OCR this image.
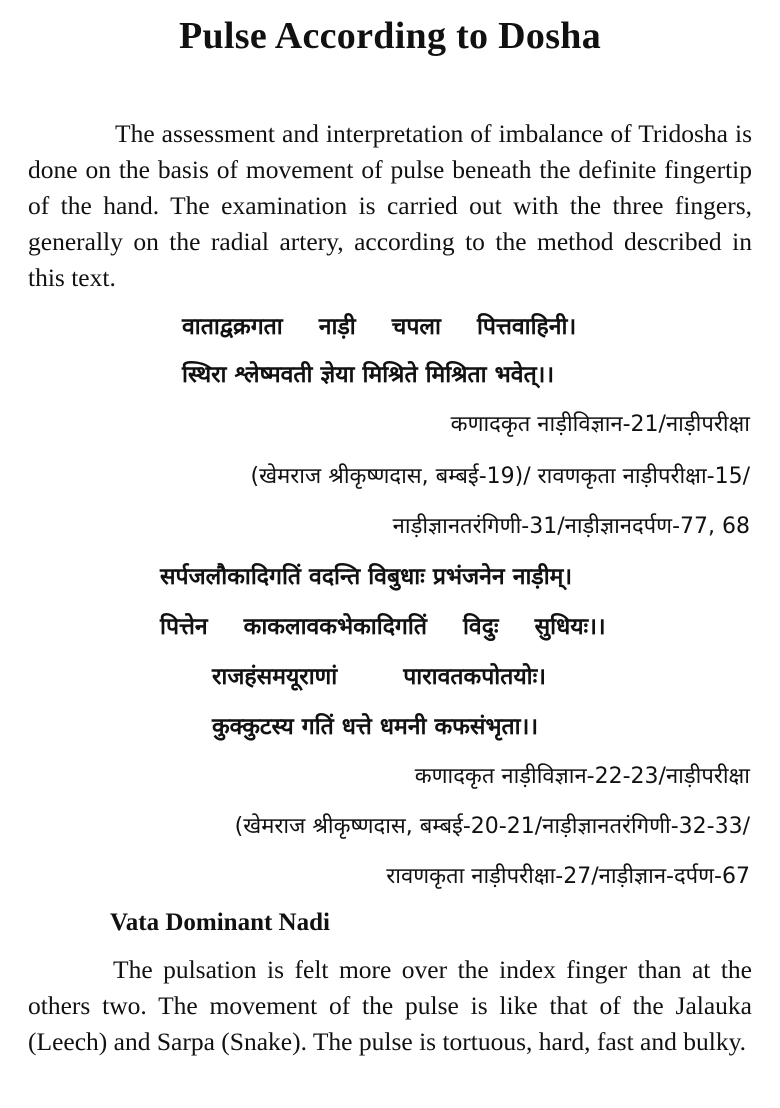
Pulse According to Dosha

The assessment and interpretation of imbalance of Tridosha is done on the basis of movement of pulse beneath the definite fingertip of the hand. The examination is carried out with the three fingers, generally on the radial artery, according to the method described in this text.

वाताद्वक्रगता नाड़ी चपला पित्तवाहिनी।
स्थिरा श्लेष्मवती ज्ञेया मिश्रिते मिश्रिता भवेत्।।
कणादकृत नाड़ीविज्ञान-21/नाड़ीपरीक्षा
(खेमराज श्रीकृष्णदास, बम्बई-19)/ रावणकृता नाड़ीपरीक्षा-15/
नाड़ीज्ञानतरंगिणी-31/नाड़ीज्ञानदर्पण-77, 68
सर्पजलौकादिगतिं वदन्ति विबुधाः प्रभंजनेन नाड़ीम्।
पित्तेन काकलावकभेकादिगतिं विदुः सुधियः।।
राजहंसमयूराणां पारावतकपोतयोः।
कुक्कुटस्य गतिं धत्ते धमनी कफसंभृता।।
कणादकृत नाड़ीविज्ञान-22-23/नाड़ीपरीक्षा
(खेमराज श्रीकृष्णदास, बम्बई-20-21/नाड़ीज्ञानतरंगिणी-32-33/
रावणकृता नाड़ीपरीक्षा-27/नाड़ीज्ञान-दर्पण-67
Vata Dominant Nadi

The pulsation is felt more over the index finger than at the others two. The movement of the pulse is like that of the Jalauka (Leech) and Sarpa (Snake). The pulse is tortuous, hard, fast and bulky.
